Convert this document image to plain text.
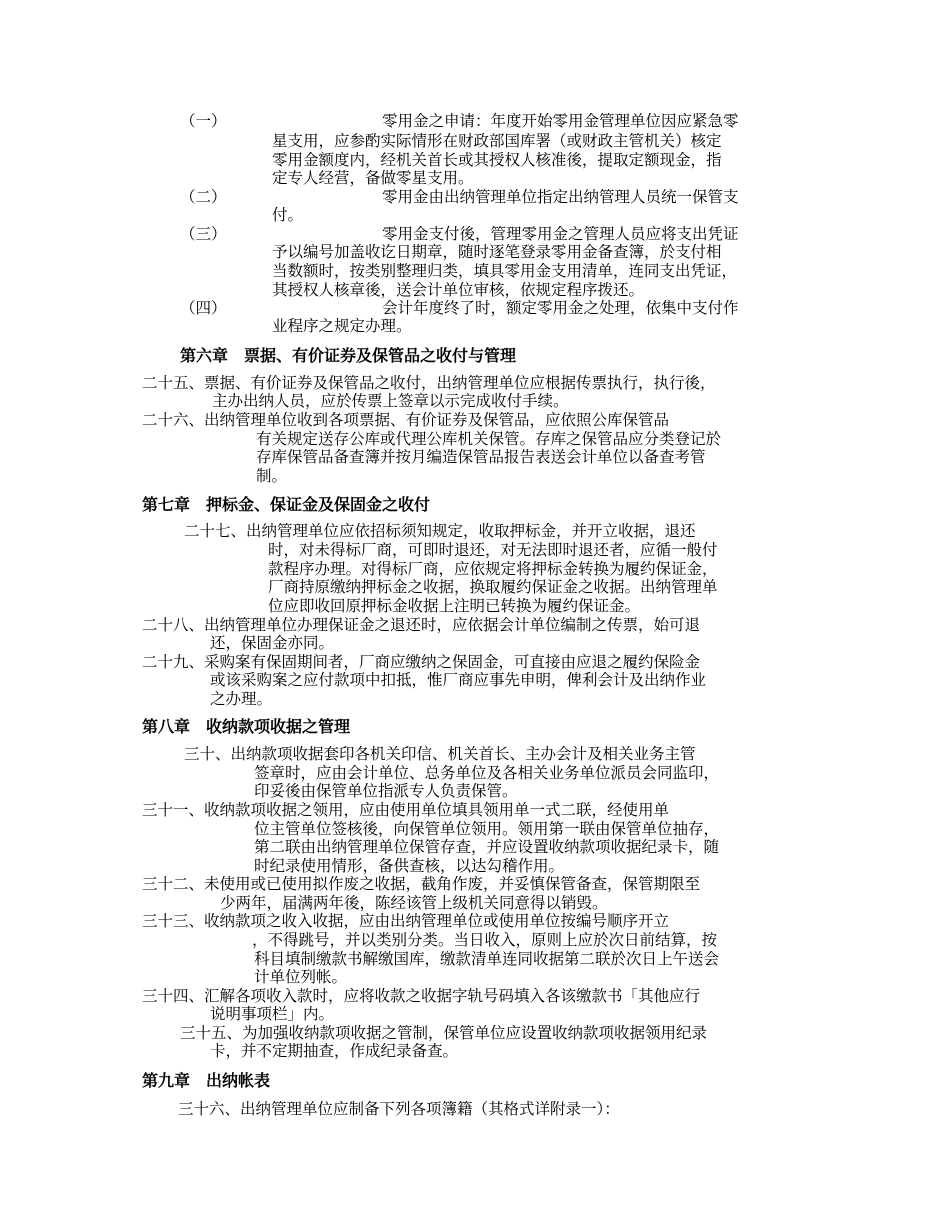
（一）	零用金之申请：年度开始零用金管理单位因应紧急零
星支用，应参酌实际情形在财政部国库署（或财政主管机关）核定
零用金额度内，经机关首长或其授权人核准後，提取定额现金，指
定专人经营，备做零星支用。
（二）	零用金由出纳管理单位指定出纳管理人员统一保管支
付。
（三）	零用金支付後，管理零用金之管理人员应将支出凭证
予以编号加盖收讫日期章，随时逐笔登录零用金备查簿，於支付相
当数额时，按类别整理归类，填具零用金支用清单，连同支出凭证，
其授权人核章後，送会计单位审核，依规定程序拨还。
（四）	会计年度终了时，额定零用金之处理，依集中支付作
业程序之规定办理。
第六章　票据、有价证券及保管品之收付与管理
二十五、票据、有价证券及保管品之收付，出纳管理单位应根据传票执行，执行後，
主办出纳人员，应於传票上签章以示完成收付手续。
二十六、出纳管理单位收到各项票据、有价证券及保管品，应依照公库保管品
有关规定送存公库或代理公库机关保管。存库之保管品应分类登记於
存库保管品备查簿并按月编造保管品报告表送会计单位以备查考管
制。
第七章　押标金、保证金及保固金之收付
二十七、出纳管理单位应依招标须知规定，收取押标金，并开立收据，退还
时，对未得标厂商，可即时退还，对无法即时退还者，应循一般付
款程序办理。对得标厂商，应依规定将押标金转换为履约保证金，
厂商持原缴纳押标金之收据，换取履约保证金之收据。出纳管理单
位应即收回原押标金收据上注明已转换为履约保证金。
二十八、出纳管理单位办理保证金之退还时，应依据会计单位编制之传票，始可退
还，保固金亦同。
二十九、采购案有保固期间者，厂商应缴纳之保固金，可直接由应退之履约保险金
或该采购案之应付款项中扣抵，惟厂商应事先申明，俾利会计及出纳作业
之办理。
第八章　收纳款项收据之管理
三十、出纳款项收据套印各机关印信、机关首长、主办会计及相关业务主管
签章时，应由会计单位、总务单位及各相关业务单位派员会同监印，
印妥後由保管单位指派专人负责保管。
三十一、收纳款项收据之领用，应由使用单位填具领用单一式二联，经使用单
位主管单位签核後，向保管单位领用。领用第一联由保管单位抽存，
第二联由出纳管理单位保管存查，并应设置收纳款项收据纪录卡，随
时纪录使用情形，备供查核，以达勾稽作用。
三十二、未使用或已使用拟作废之收据，截角作废，并妥慎保管备查，保管期限至
少两年，届满两年後，陈经该管上级机关同意得以销毁。
三十三、收纳款项之收入收据，应由出纳管理单位或使用单位按编号顺序开立
，不得跳号，并以类别分类。当日收入，原则上应於次日前结算，按
科目填制缴款书解缴国库，缴款清单连同收据第二联於次日上午送会
计单位列帐。
三十四、汇解各项收入款时，应将收款之收据字轨号码填入各该缴款书「其他应行
说明事项栏」内。
三十五、为加强收纳款项收据之管制，保管单位应设置收纳款项收据领用纪录
卡，并不定期抽查，作成纪录备查。
第九章　出纳帐表
三十六、出纳管理单位应制备下列各项簿籍（其格式详附录一）：
